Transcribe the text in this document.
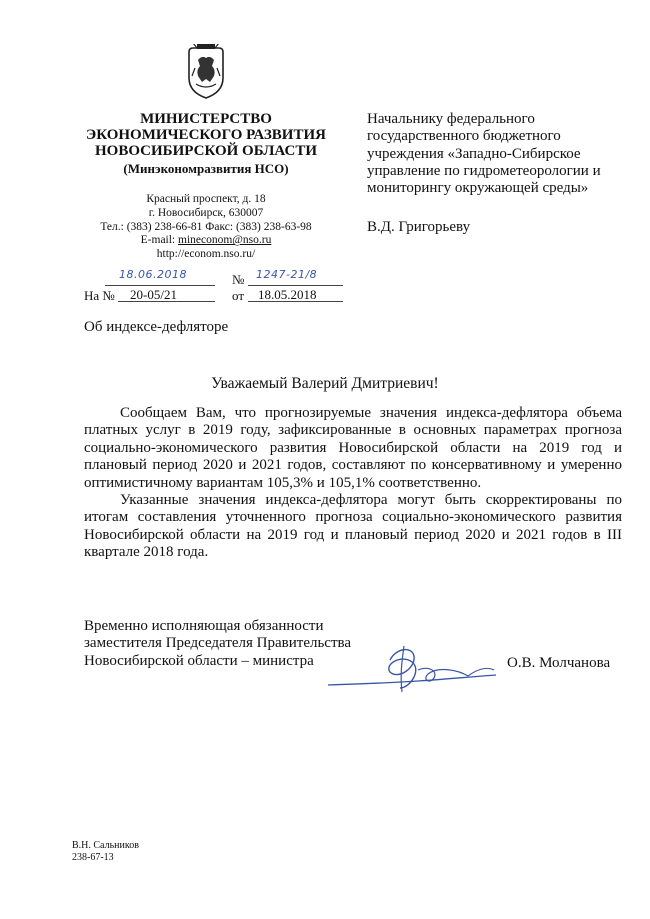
МИНИСТЕРСТВО
ЭКОНОМИЧЕСКОГО РАЗВИТИЯ
НОВОСИБИРСКОЙ ОБЛАСТИ
(Минэкономразвития НСО)
Красный проспект, д. 18
г. Новосибирск, 630007
Тел.: (383) 238-66-81 Факс: (383) 238-63-98
E-mail: mineconom@nso.ru
http://econom.nso.ru/
Начальнику федерального
государственного бюджетного
учреждения «Западно-Сибирское
управление по гидрометеорологии и
мониторингу окружающей среды»
В.Д. Григорьеву
18.06.2018	№ 1247-21/8
На № 20-05/21	от 18.05.2018
Об индексе-дефляторе
Уважаемый Валерий Дмитриевич!

Сообщаем Вам, что прогнозируемые значения индекса-дефлятора объема платных услуг в 2019 году, зафиксированные в основных параметрах прогноза социально-экономического развития Новосибирской области на 2019 год и плановый период 2020 и 2021 годов, составляют по консервативному и умеренно оптимистичному вариантам 105,3% и 105,1% соответственно.

Указанные значения индекса-дефлятора могут быть скорректированы по итогам составления уточненного прогноза социально-экономического развития Новосибирской области на 2019 год и плановый период 2020 и 2021 годов в III квартале 2018 года.

Временно исполняющая обязанности
заместителя Председателя Правительства
Новосибирской области – министра	О.В. Молчанова
В.Н. Сальников
238-67-13
